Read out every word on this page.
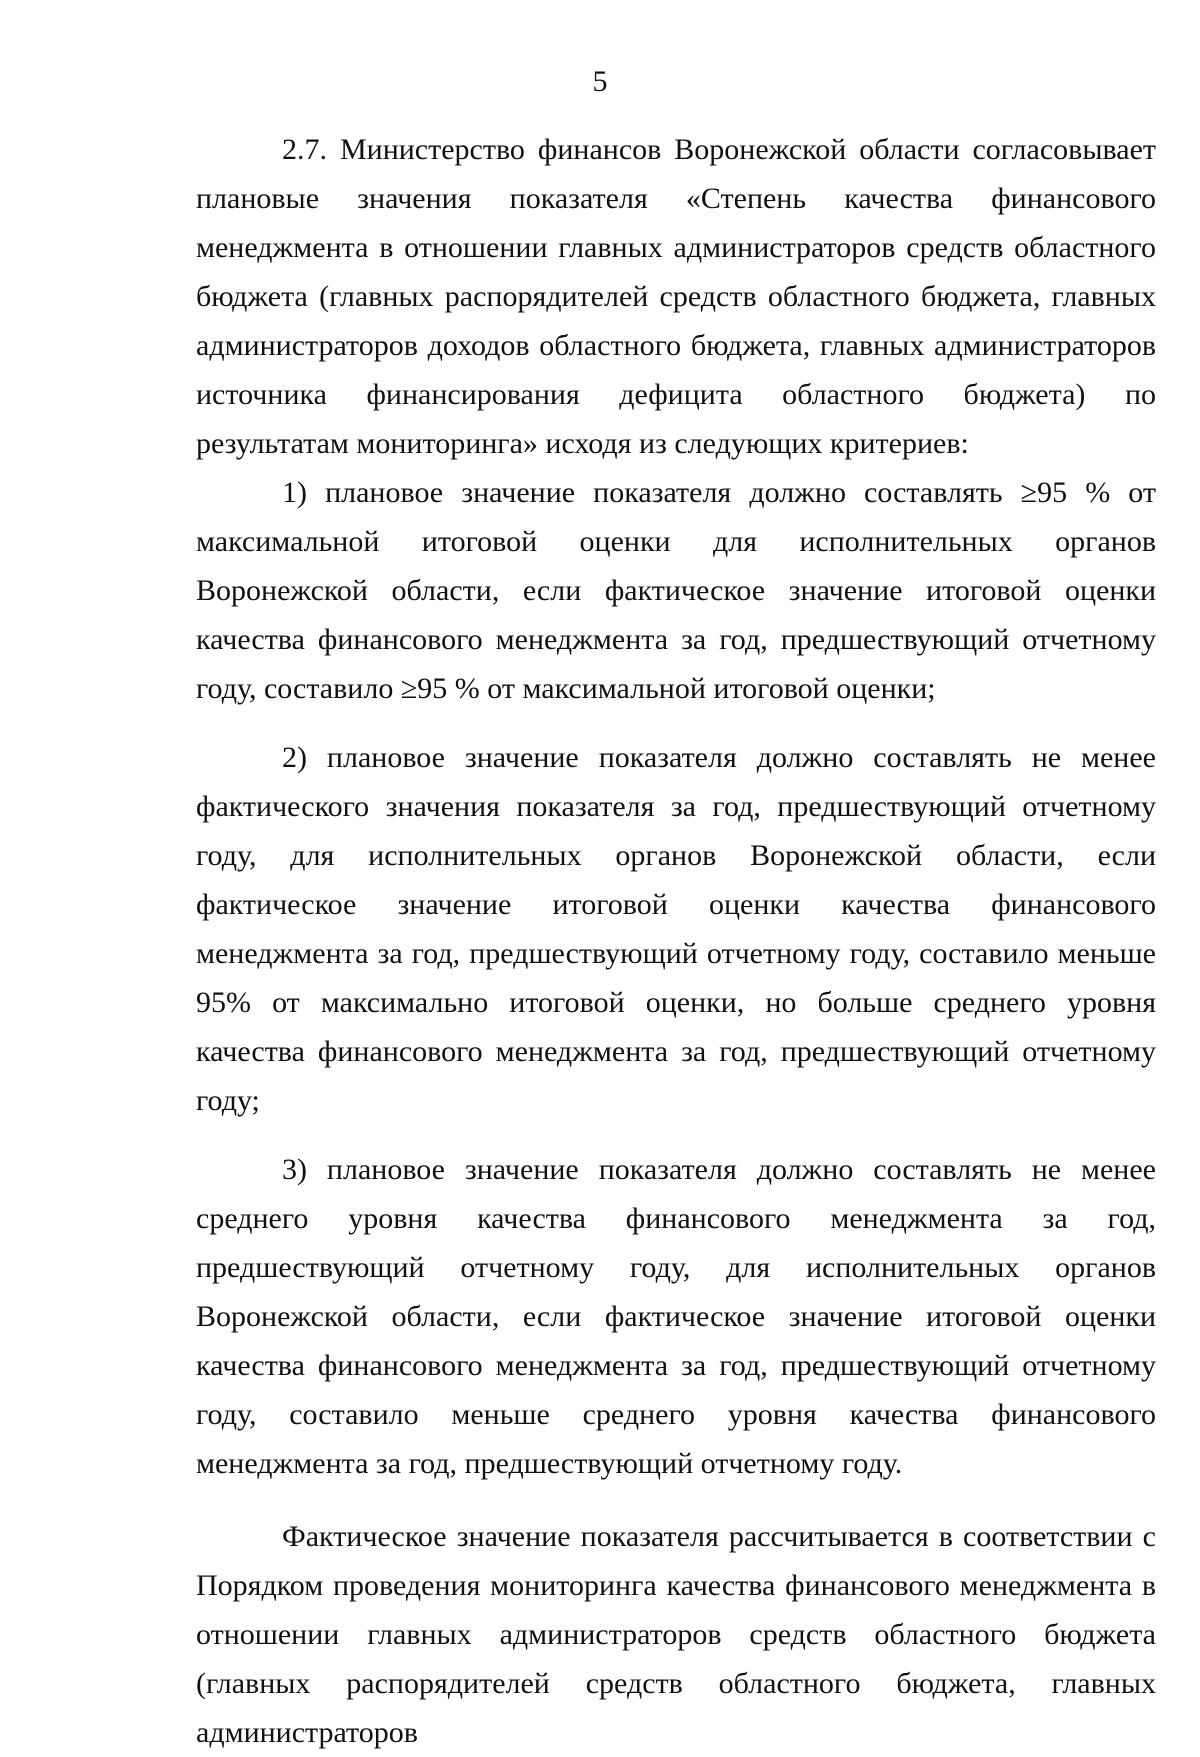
5

2.7. Министерство финансов Воронежской области согласовывает плановые значения показателя «Степень качества финансового менеджмента в отношении главных администраторов средств областного бюджета (главных распорядителей средств областного бюджета, главных администраторов доходов областного бюджета, главных администраторов источника финансирования дефицита областного бюджета) по результатам мониторинга» исходя из следующих критериев:

1) плановое значение показателя должно составлять ≥95 % от максимальной итоговой оценки для исполнительных органов Воронежской области, если фактическое значение итоговой оценки качества финансового менеджмента за год, предшествующий отчетному году, составило ≥95 % от максимальной итоговой оценки;

2) плановое значение показателя должно составлять не менее фактического значения показателя за год, предшествующий отчетному году, для исполнительных органов Воронежской области, если фактическое значение итоговой оценки качества финансового менеджмента за год, предшествующий отчетному году, составило меньше 95% от максимально итоговой оценки, но больше среднего уровня качества финансового менеджмента за год, предшествующий отчетному году;

3) плановое значение показателя должно составлять не менее среднего уровня качества финансового менеджмента за год, предшествующий отчетному году, для исполнительных органов Воронежской области, если фактическое значение итоговой оценки качества финансового менеджмента за год, предшествующий отчетному году, составило меньше среднего уровня качества финансового менеджмента за год, предшествующий отчетному году.

Фактическое значение показателя рассчитывается в соответствии с Порядком проведения мониторинга качества финансового менеджмента в отношении главных администраторов средств областного бюджета (главных распорядителей средств областного бюджета, главных администраторов
